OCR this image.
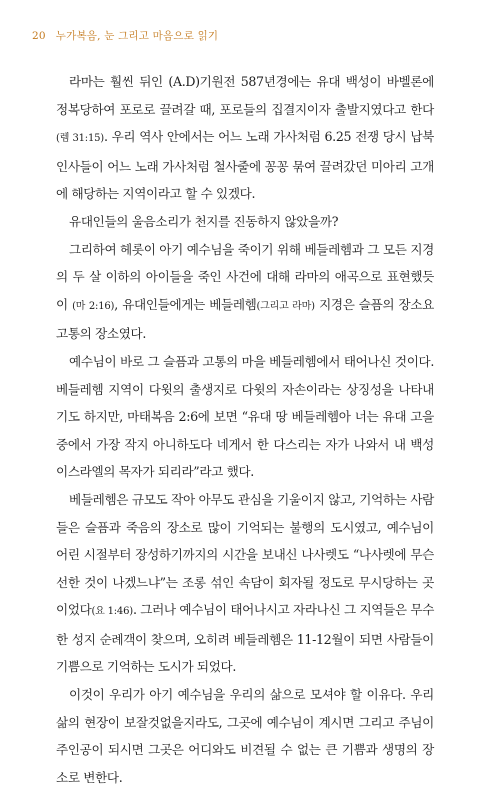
20 누가복음, 눈 그리고 마음으로 읽기

라마는 훨씬 뒤인 (A.D)기원전 587년경에는 유대 백성이 바벨론에 정복당하여 포로로 끌려갈 때, 포로들의 집결지이자 출발지였다고 한다 (렘 31:15). 우리 역사 안에서는 어느 노래 가사처럼 6.25 전쟁 당시 납북 인사들이 어느 노래 가사처럼 철사줄에 꽁꽁 묶여 끌려갔던 미아리 고개에 해당하는 지역이라고 할 수 있겠다.

유대인들의 울음소리가 천지를 진동하지 않았을까?

그리하여 헤롯이 아기 예수님을 죽이기 위해 베들레헴과 그 모든 지경의 두 살 이하의 아이들을 죽인 사건에 대해 라마의 애곡으로 표현했듯이 (마 2:16), 유대인들에게는 베들레헴(그리고 라마) 지경은 슬픔의 장소요 고통의 장소였다.

예수님이 바로 그 슬픔과 고통의 마을 베들레헴에서 태어나신 것이다. 베들레헴 지역이 다윗의 출생지로 다윗의 자손이라는 상징성을 나타내기도 하지만, 마태복음 2:6에 보면 “유대 땅 베들레헴아 너는 유대 고을 중에서 가장 작지 아니하도다 네게서 한 다스리는 자가 나와서 내 백성 이스라엘의 목자가 되리라”라고 했다.

베들레헴은 규모도 작아 아무도 관심을 기울이지 않고, 기억하는 사람들은 슬픔과 죽음의 장소로 많이 기억되는 불행의 도시였고, 예수님이 어린 시절부터 장성하기까지의 시간을 보내신 나사렛도 “나사렛에 무슨 선한 것이 나겠느냐”는 조롱 섞인 속담이 회자될 정도로 무시당하는 곳이었다(요 1:46). 그러나 예수님이 태어나시고 자라나신 그 지역들은 무수한 성지 순례객이 찾으며, 오히려 베들레헴은 11-12월이 되면 사람들이 기쁨으로 기억하는 도시가 되었다.

이것이 우리가 아기 예수님을 우리의 삶으로 모셔야 할 이유다. 우리 삶의 현장이 보잘것없을지라도, 그곳에 예수님이 계시면 그리고 주님이 주인공이 되시면 그곳은 어디와도 비견될 수 없는 큰 기쁨과 생명의 장소로 변한다.
